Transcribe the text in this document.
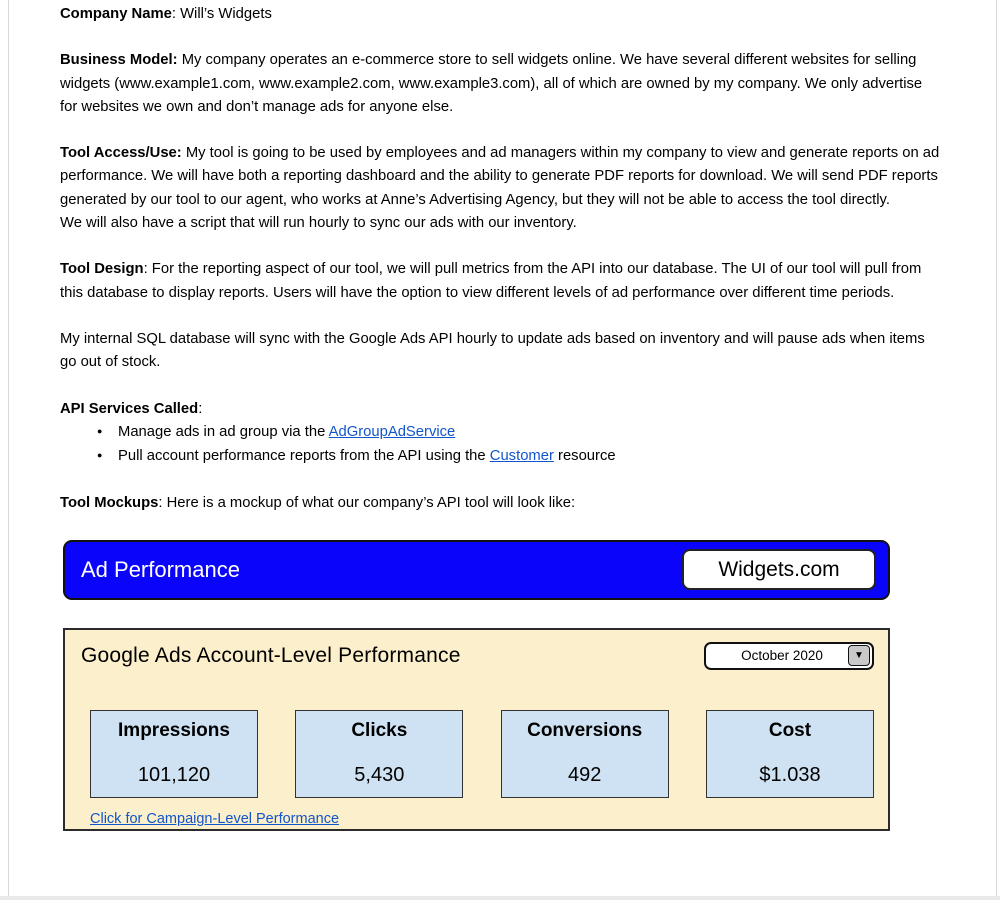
Company Name: Will’s Widgets
Business Model: My company operates an e-commerce store to sell widgets online. We have several different websites for selling widgets (www.example1.com, www.example2.com, www.example3.com), all of which are owned by my company. We only advertise for websites we own and don’t manage ads for anyone else.
Tool Access/Use: My tool is going to be used by employees and ad managers within my company to view and generate reports on ad performance. We will have both a reporting dashboard and the ability to generate PDF reports for download. We will send PDF reports generated by our tool to our agent, who works at Anne’s Advertising Agency, but they will not be able to access the tool directly.
We will also have a script that will run hourly to sync our ads with our inventory.
Tool Design: For the reporting aspect of our tool, we will pull metrics from the API into our database. The UI of our tool will pull from this database to display reports. Users will have the option to view different levels of ad performance over different time periods.
My internal SQL database will sync with the Google Ads API hourly to update ads based on inventory and will pause ads when items go out of stock.
API Services Called:
●	Manage ads in ad group via the AdGroupAdService
●	Pull account performance reports from the API using the Customer resource
Tool Mockups: Here is a mockup of what our company’s API tool will look like:
Ad Performance	Widgets.com
Google Ads Account-Level Performance	October 2020	▼
Impressions
101,120
Clicks
5,430
Conversions
492
Cost
$1.038
Click for Campaign-Level Performance
